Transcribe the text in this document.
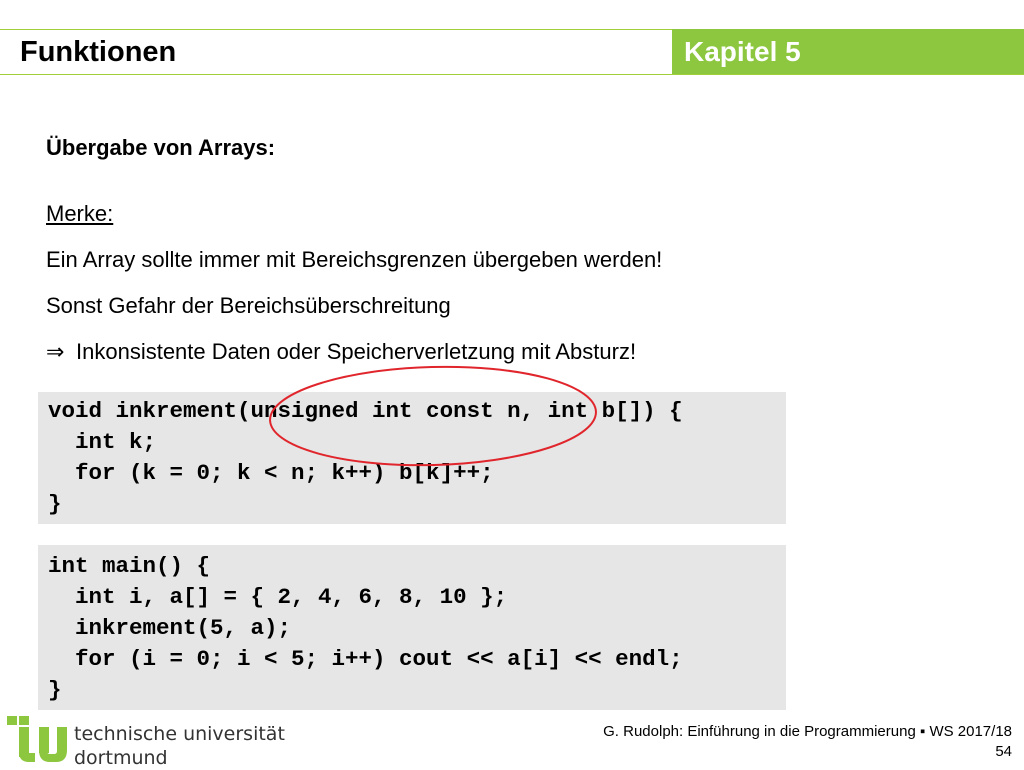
Funktionen	Kapitel 5
Übergabe von Arrays:
Merke:
Ein Array sollte immer mit Bereichsgrenzen übergeben werden!
Sonst Gefahr der Bereichsüberschreitung
⇒ Inkonsistente Daten oder Speicherverletzung mit Absturz!
void inkrement(unsigned int const n, int b[]) {
int k;
for (k = 0; k < n; k++) b[k]++;
}
int main() {
int i, a[] = { 2, 4, 6, 8, 10 };
inkrement(5, a);
for (i = 0; i < 5; i++) cout << a[i] << endl;
}
technische universität
dortmund
G. Rudolph: Einführung in die Programmierung ▪ WS 2017/18
54
